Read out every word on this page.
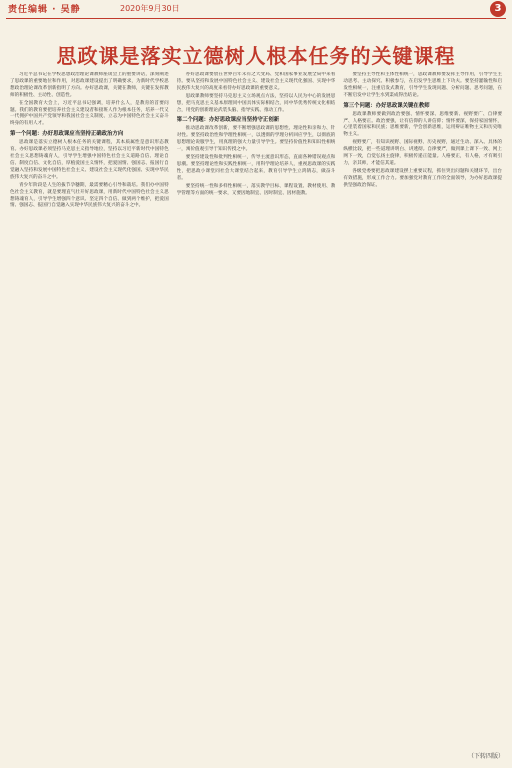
责任编辑 · 吴静	2020年9月30日	3
思政课是落实立德树人根本任务的关键课程

习近平总书记在学校思想政治理论课教师座谈会上的重要讲话，深刻阐述了思政课的重要地位和作用，对思政课建设提出了明确要求，为新时代学校思想政治理论课改革创新指明了方向。办好思政课，关键在教师，关键在发挥教师的积极性、主动性、创造性。

在全国教育大会上，习近平总书记强调，培养什么人，是教育的首要问题。我们的教育要把培养社会主义建设者和接班人作为根本任务，培养一代又一代拥护中国共产党领导和我国社会主义制度、立志为中国特色社会主义奋斗终身的有用人才。

第一个问题：办好思政课应当坚持正确政治方向

思政课是落实立德树人根本任务的关键课程，其本质属性是意识形态教育。办好思政课必须坚持马克思主义指导地位，坚持以习近平新时代中国特色社会主义思想铸魂育人，引导学生增强中国特色社会主义道路自信、理论自信、制度自信、文化自信，厚植爱国主义情怀，把爱国情、强国志、报国行自觉融入坚持和发展中国特色社会主义、建设社会主义现代化强国、实现中华民族伟大复兴的奋斗之中。

青少年阶段是人生的拔节孕穗期，最需要精心引导和栽培。我们办中国特色社会主义教育，就是要理直气壮开好思政课，用新时代中国特色社会主义思想铸魂育人，引导学生增强四个意识、坚定四个自信、做到两个维护，把爱国情、强国志、报国行自觉融入实现中华民族伟大复兴的奋斗之中。

办好思政课要放在世界百年未有之大变局、党和国家事业发展全局中来看待。要从坚持和发展中国特色社会主义、建设社会主义现代化强国、实现中华民族伟大复兴的高度来看待办好思政课的重要意义。

思政课教师要坚持马克思主义立场观点方法，坚持以人民为中心的发展思想，把马克思主义基本原理同中国具体实际相结合，同中华优秀传统文化相结合，用党的创新理论武装头脑、指导实践、推动工作。

第二个问题：办好思政课应当坚持守正创新

推动思政课改革创新，要不断增强思政课的思想性、理论性和亲和力、针对性。要坚持政治性和学理性相统一，以透彻的学理分析回应学生，以彻底的思想理论说服学生，用真理的强大力量引导学生。要坚持价值性和知识性相统一，寓价值观引导于知识传授之中。

要坚持建设性和批判性相统一，传导主流意识形态，直面各种错误观点和思潮。要坚持理论性和实践性相统一，用科学理论培养人，重视思政课的实践性，把思政小课堂同社会大课堂结合起来，教育引导学生立鸿鹄志，做奋斗者。

要坚持统一性和多样性相统一，落实教学目标、课程设置、教材使用、教学管理等方面的统一要求，又要因地制宜、因时制宜、因材施教。

要坚持主导性和主体性相统一，思政课教师要发挥主导作用，引导学生主动思考、主动探究、积极参与，在启发学生思维上下功夫。要坚持灌输性和启发性相统一，注重启发式教育，引导学生发现问题、分析问题、思考问题，在不断启发中让学生水到渠成得出结论。

第三个问题：办好思政课关键在教师

思政课教师要做到政治要强、情怀要深、思维要新、视野要广、自律要严、人格要正。政治要强，让有信仰的人讲信仰；情怀要深，保持家国情怀，心里装着国家和民族；思维要新，学会创新思维，运用辩证唯物主义和历史唯物主义。

视野要广，有知识视野、国际视野、历史视野，通过生动、深入、具体的纵横比较，把一些道理讲明白、讲透彻。自律要严，做到课上课下一致、网上网下一致，自觉弘扬主旋律，积极传递正能量。人格要正，有人格，才有吸引力，亲其师，才能信其道。

各级党委要把思政课建设摆上重要议程，抓住突出问题和关键环节，出台有效措施，形成工作合力。要加强党对教育工作的全面领导，为办好思政课提供坚强政治保证。

（下转四版）
